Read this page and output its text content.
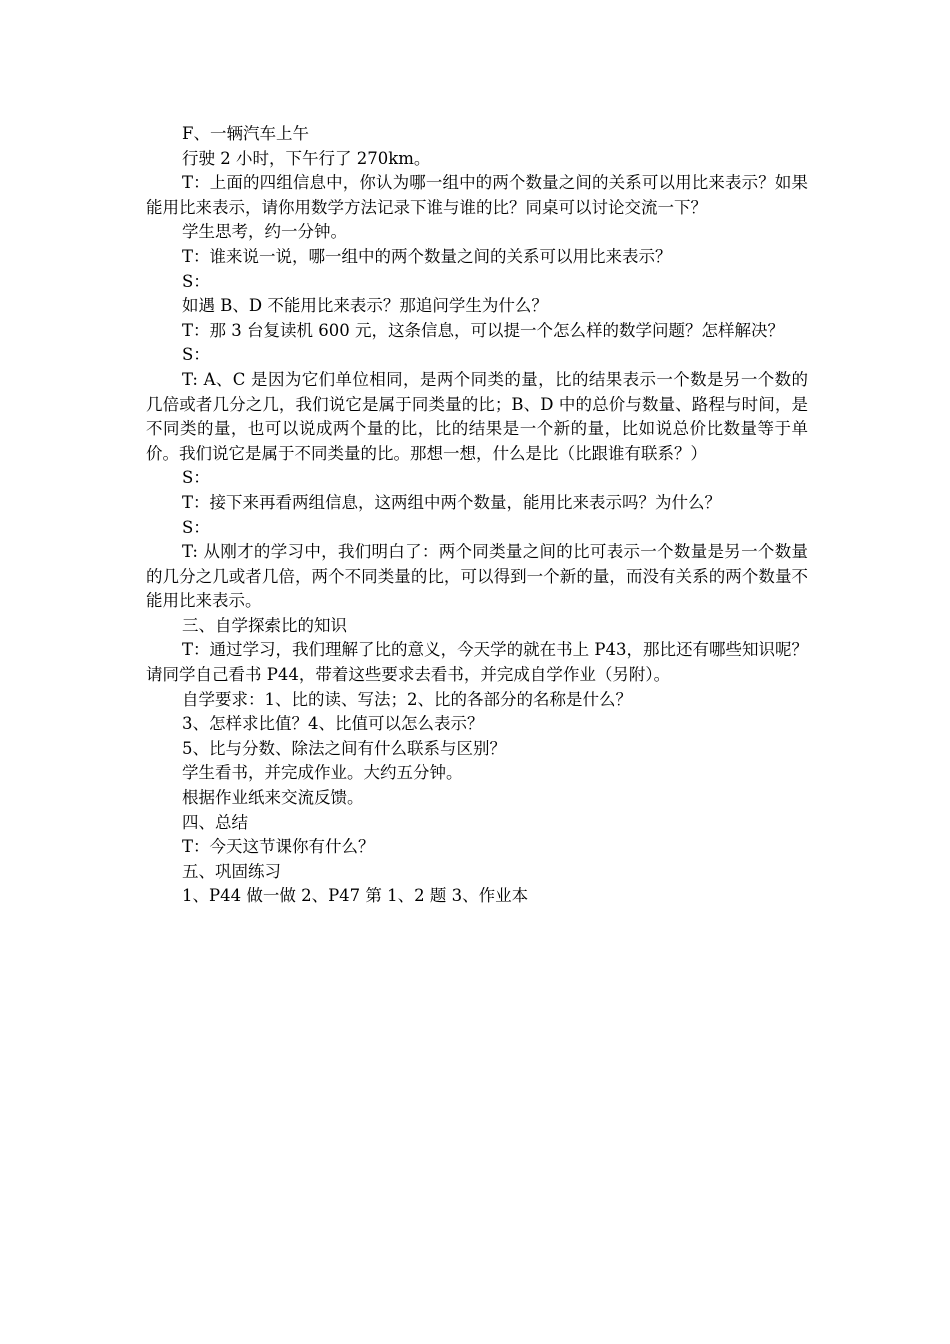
F、一辆汽车上午

行驶 2 小时，下午行了 270km。

T：上面的四组信息中，你认为哪一组中的两个数量之间的关系可以用比来表示？如果能用比来表示，请你用数学方法记录下谁与谁的比？同桌可以讨论交流一下？

学生思考，约一分钟。

T：谁来说一说，哪一组中的两个数量之间的关系可以用比来表示？

S：

如遇 B、D 不能用比来表示？那追问学生为什么？

T：那 3 台复读机 600 元，这条信息，可以提一个怎么样的数学问题？怎样解决？

S：

T: A、C 是因为它们单位相同，是两个同类的量，比的结果表示一个数是另一个数的几倍或者几分之几，我们说它是属于同类量的比；B、D 中的总价与数量、路程与时间，是不同类的量，也可以说成两个量的比，比的结果是一个新的量，比如说总价比数量等于单价。我们说它是属于不同类量的比。那想一想，什么是比（比跟谁有联系？）

S：

T：接下来再看两组信息，这两组中两个数量，能用比来表示吗？为什么？

S：

T: 从刚才的学习中，我们明白了：两个同类量之间的比可表示一个数量是另一个数量的几分之几或者几倍，两个不同类量的比，可以得到一个新的量，而没有关系的两个数量不能用比来表示。

三、自学探索比的知识

T：通过学习，我们理解了比的意义，今天学的就在书上 P43，那比还有哪些知识呢？请同学自己看书 P44，带着这些要求去看书，并完成自学作业（另附）。

自学要求：1、比的读、写法；2、比的各部分的名称是什么？

3、怎样求比值？4、比值可以怎么表示？

5、比与分数、除法之间有什么联系与区别？

学生看书，并完成作业。大约五分钟。

根据作业纸来交流反馈。

四、总结

T：今天这节课你有什么？

五、巩固练习

1、P44 做一做 2、P47 第 1、2 题 3、作业本
